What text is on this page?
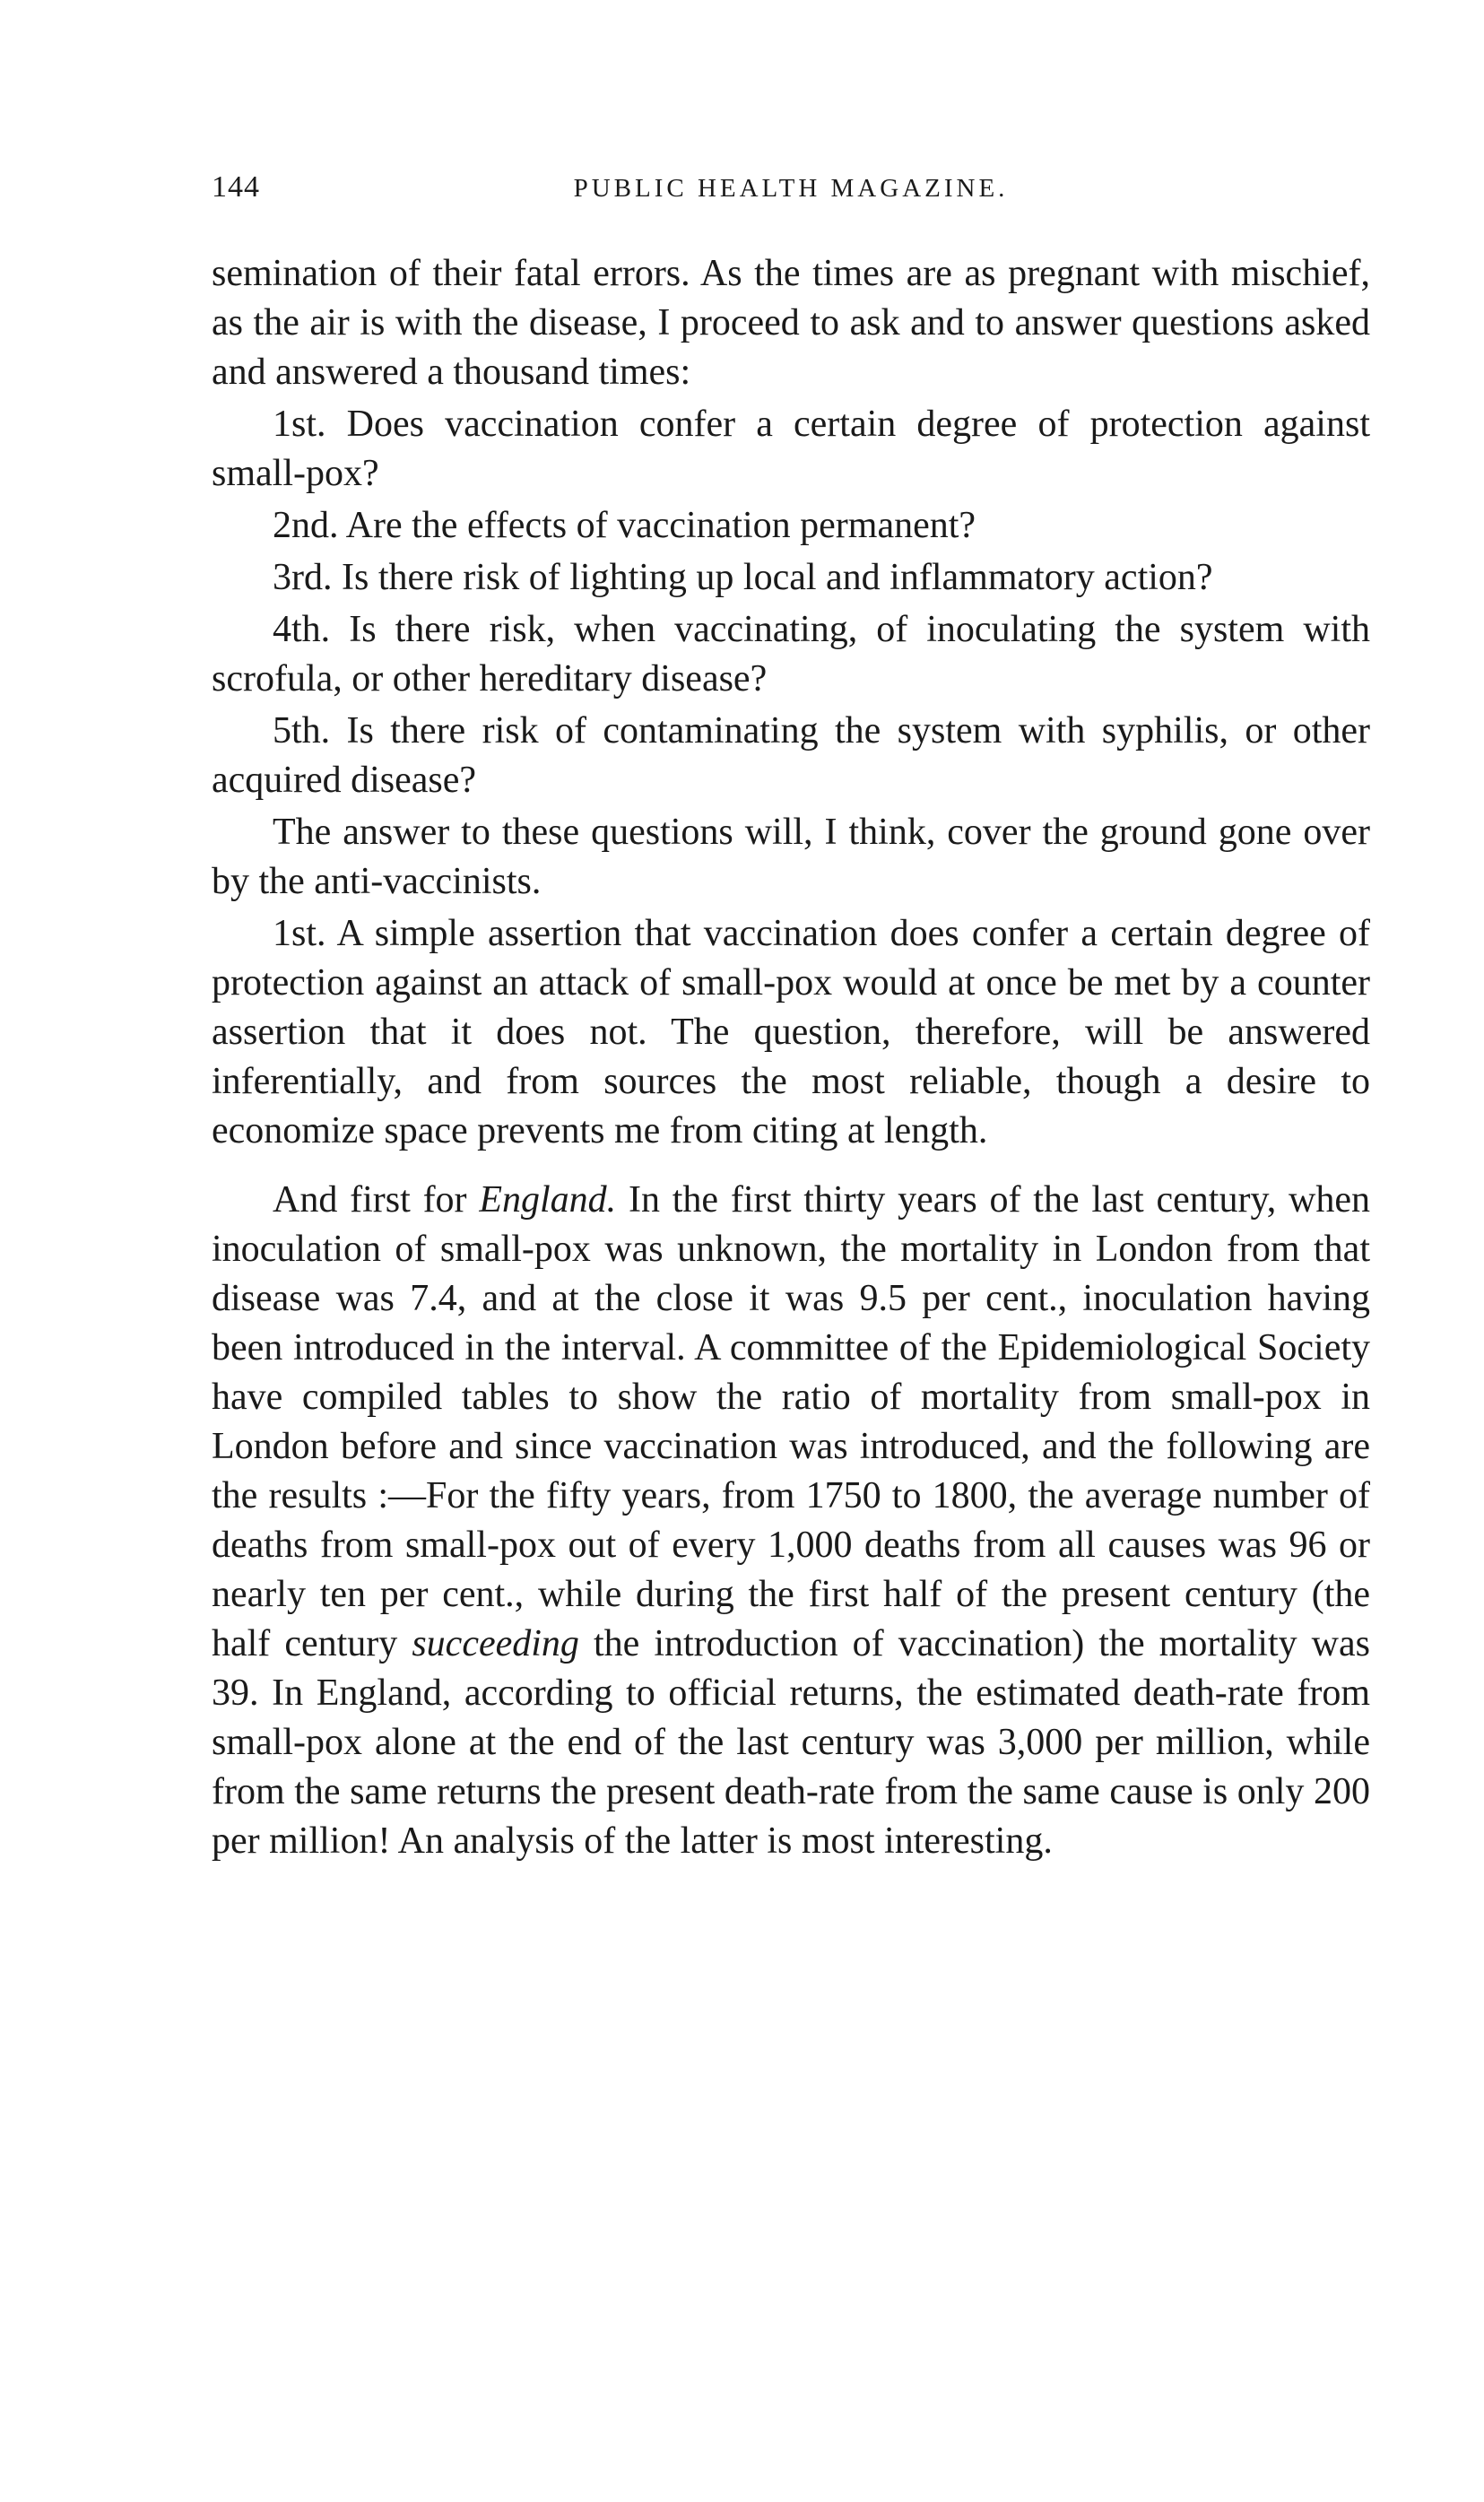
144	PUBLIC HEALTH MAGAZINE.

semination of their fatal errors. As the times are as pregnant with mischief, as the air is with the disease, I proceed to ask and to answer questions asked and answered a thousand times:

1st. Does vaccination confer a certain degree of protection against small-pox?

2nd. Are the effects of vaccination permanent?

3rd. Is there risk of lighting up local and inflammatory action?

4th. Is there risk, when vaccinating, of inoculating the system with scrofula, or other hereditary disease?

5th. Is there risk of contaminating the system with syphilis, or other acquired disease?

The answer to these questions will, I think, cover the ground gone over by the anti-vaccinists.

1st. A simple assertion that vaccination does confer a certain degree of protection against an attack of small-pox would at once be met by a counter assertion that it does not. The question, therefore, will be answered inferentially, and from sources the most reliable, though a desire to economize space prevents me from citing at length.

And first for England. In the first thirty years of the last century, when inoculation of small-pox was unknown, the mortality in London from that disease was 7.4, and at the close it was 9.5 per cent., inoculation having been introduced in the interval. A committee of the Epidemiological Society have compiled tables to show the ratio of mortality from small-pox in London before and since vaccination was introduced, and the following are the results :—For the fifty years, from 1750 to 1800, the average number of deaths from small-pox out of every 1,000 deaths from all causes was 96 or nearly ten per cent., while during the first half of the present century (the half century succeeding the introduction of vaccination) the mortality was 39. In England, according to official returns, the estimated death-rate from small-pox alone at the end of the last century was 3,000 per million, while from the same returns the present death-rate from the same cause is only 200 per million! An analysis of the latter is most interesting.
